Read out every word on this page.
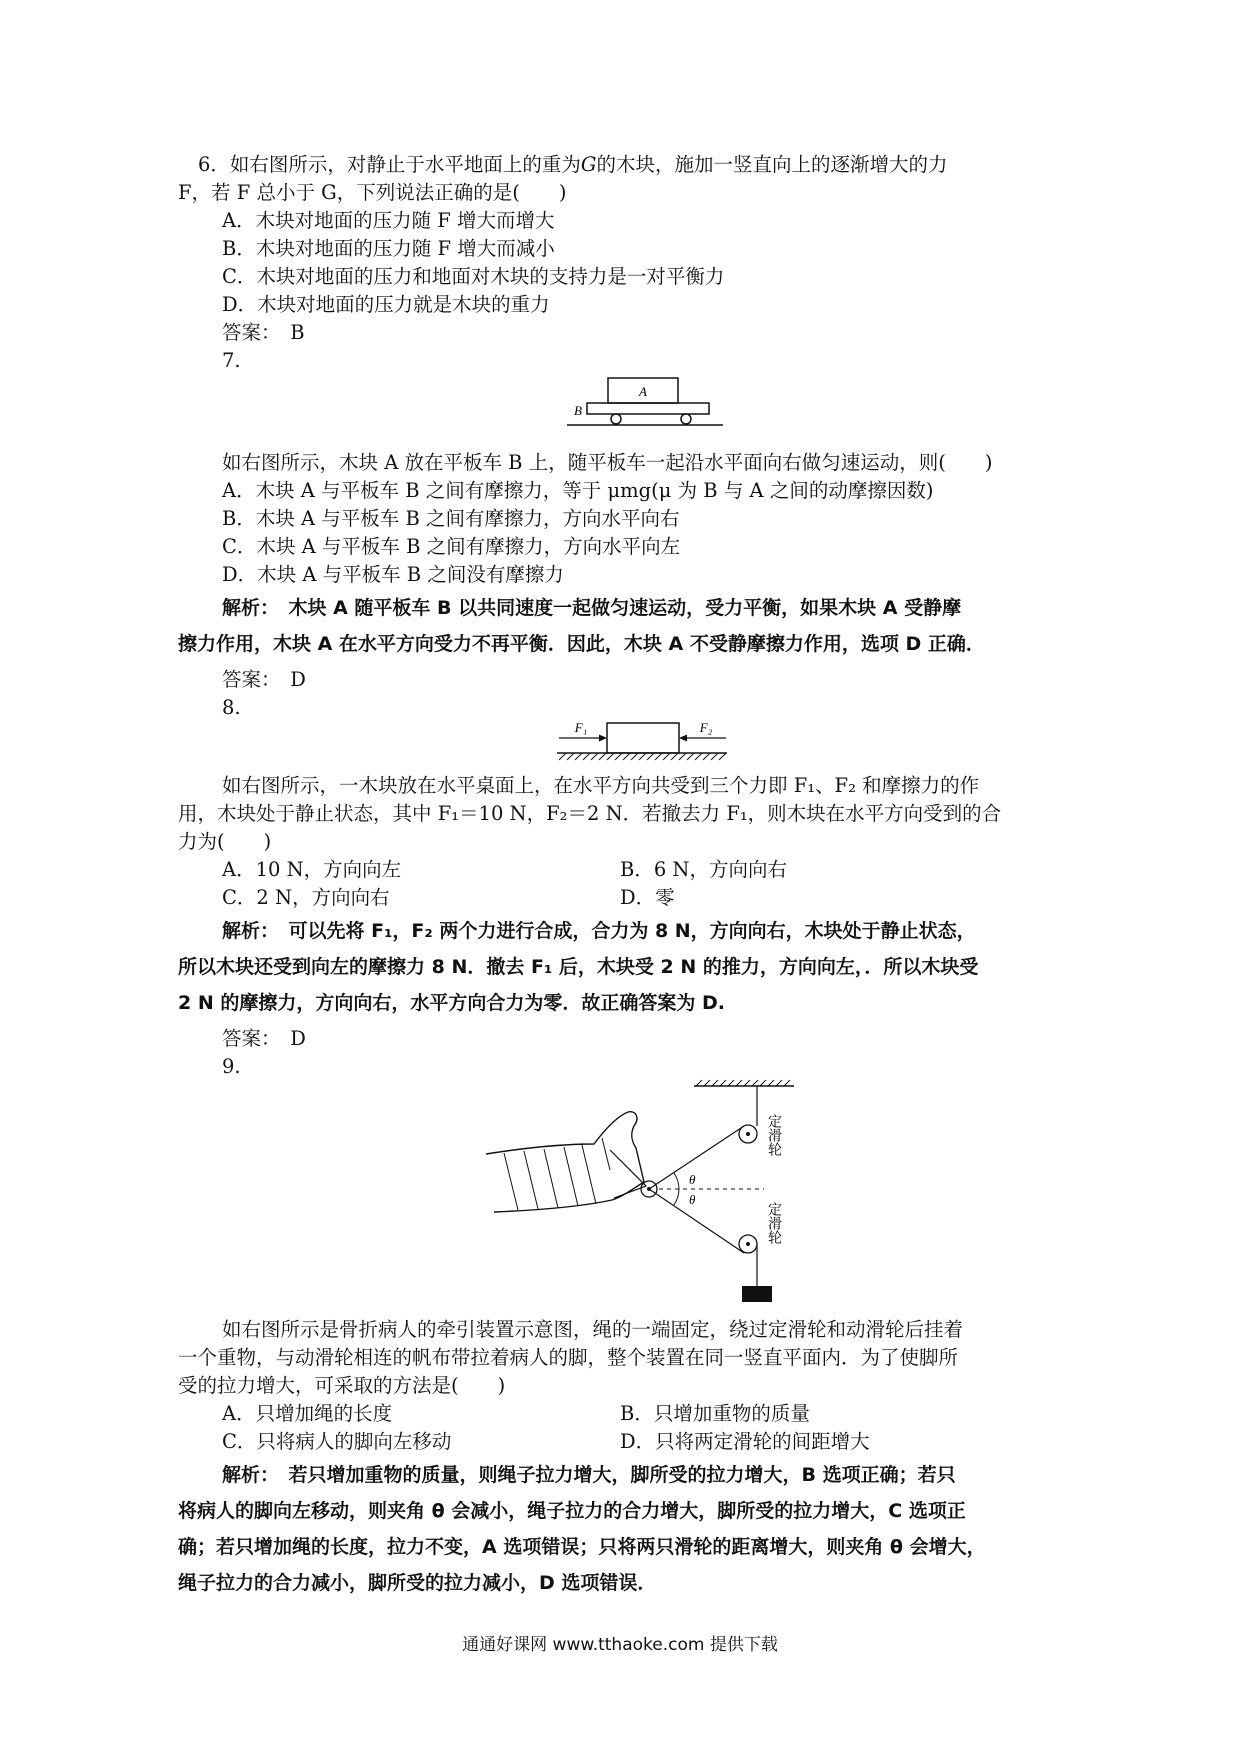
6．如右图所示，对静止于水平地面上的重为G的木块，施加一竖直向上的逐渐增大的力
F，若 F 总小于 G，下列说法正确的是(　　)
A．木块对地面的压力随 F 增大而增大
B．木块对地面的压力随 F 增大而减小
C．木块对地面的压力和地面对木块的支持力是一对平衡力
D．木块对地面的压力就是木块的重力
答案：　B
7.
A
B
如右图所示，木块 A 放在平板车 B 上，随平板车一起沿水平面向右做匀速运动，则(　　)
A．木块 A 与平板车 B 之间有摩擦力，等于 μmg(μ 为 B 与 A 之间的动摩擦因数)
B．木块 A 与平板车 B 之间有摩擦力，方向水平向右
C．木块 A 与平板车 B 之间有摩擦力，方向水平向左
D．木块 A 与平板车 B 之间没有摩擦力
解析：　木块 A 随平板车 B 以共同速度一起做匀速运动，受力平衡，如果木块 A 受静摩
擦力作用，木块 A 在水平方向受力不再平衡．因此，木块 A 不受静摩擦力作用，选项 D 正确．
答案：　D
8.
F₁	F₂
如右图所示，一木块放在水平桌面上，在水平方向共受到三个力即 F₁、F₂ 和摩擦力的作
用，木块处于静止状态，其中 F₁＝10 N，F₂＝2 N．若撤去力 F₁，则木块在水平方向受到的合
力为(　　)
A．10 N，方向向左	B．6 N，方向向右
C．2 N，方向向右	D．零
解析：　可以先将 F₁，F₂ 两个力进行合成，合力为 8 N，方向向右，木块处于静止状态，
所以木块还受到向左的摩擦力 8 N．撤去 F₁ 后，木块受 2 N 的推力，方向向左，．所以木块受
2 N 的摩擦力，方向向右，水平方向合力为零．故正确答案为 D.
答案：　D
9.
θ
θ
定滑轮
定滑轮
如右图所示是骨折病人的牵引装置示意图，绳的一端固定，绕过定滑轮和动滑轮后挂着
一个重物，与动滑轮相连的帆布带拉着病人的脚，整个装置在同一竖直平面内．为了使脚所
受的拉力增大，可采取的方法是(　　)
A．只增加绳的长度	B．只增加重物的质量
C．只将病人的脚向左移动	D．只将两定滑轮的间距增大
解析：　若只增加重物的质量，则绳子拉力增大，脚所受的拉力增大，B 选项正确；若只
将病人的脚向左移动，则夹角 θ 会减小，绳子拉力的合力增大，脚所受的拉力增大，C 选项正
确；若只增加绳的长度，拉力不变，A 选项错误；只将两只滑轮的距离增大，则夹角 θ 会增大，
绳子拉力的合力减小，脚所受的拉力减小，D 选项错误．
通通好课网 www.tthaoke.com 提供下载
